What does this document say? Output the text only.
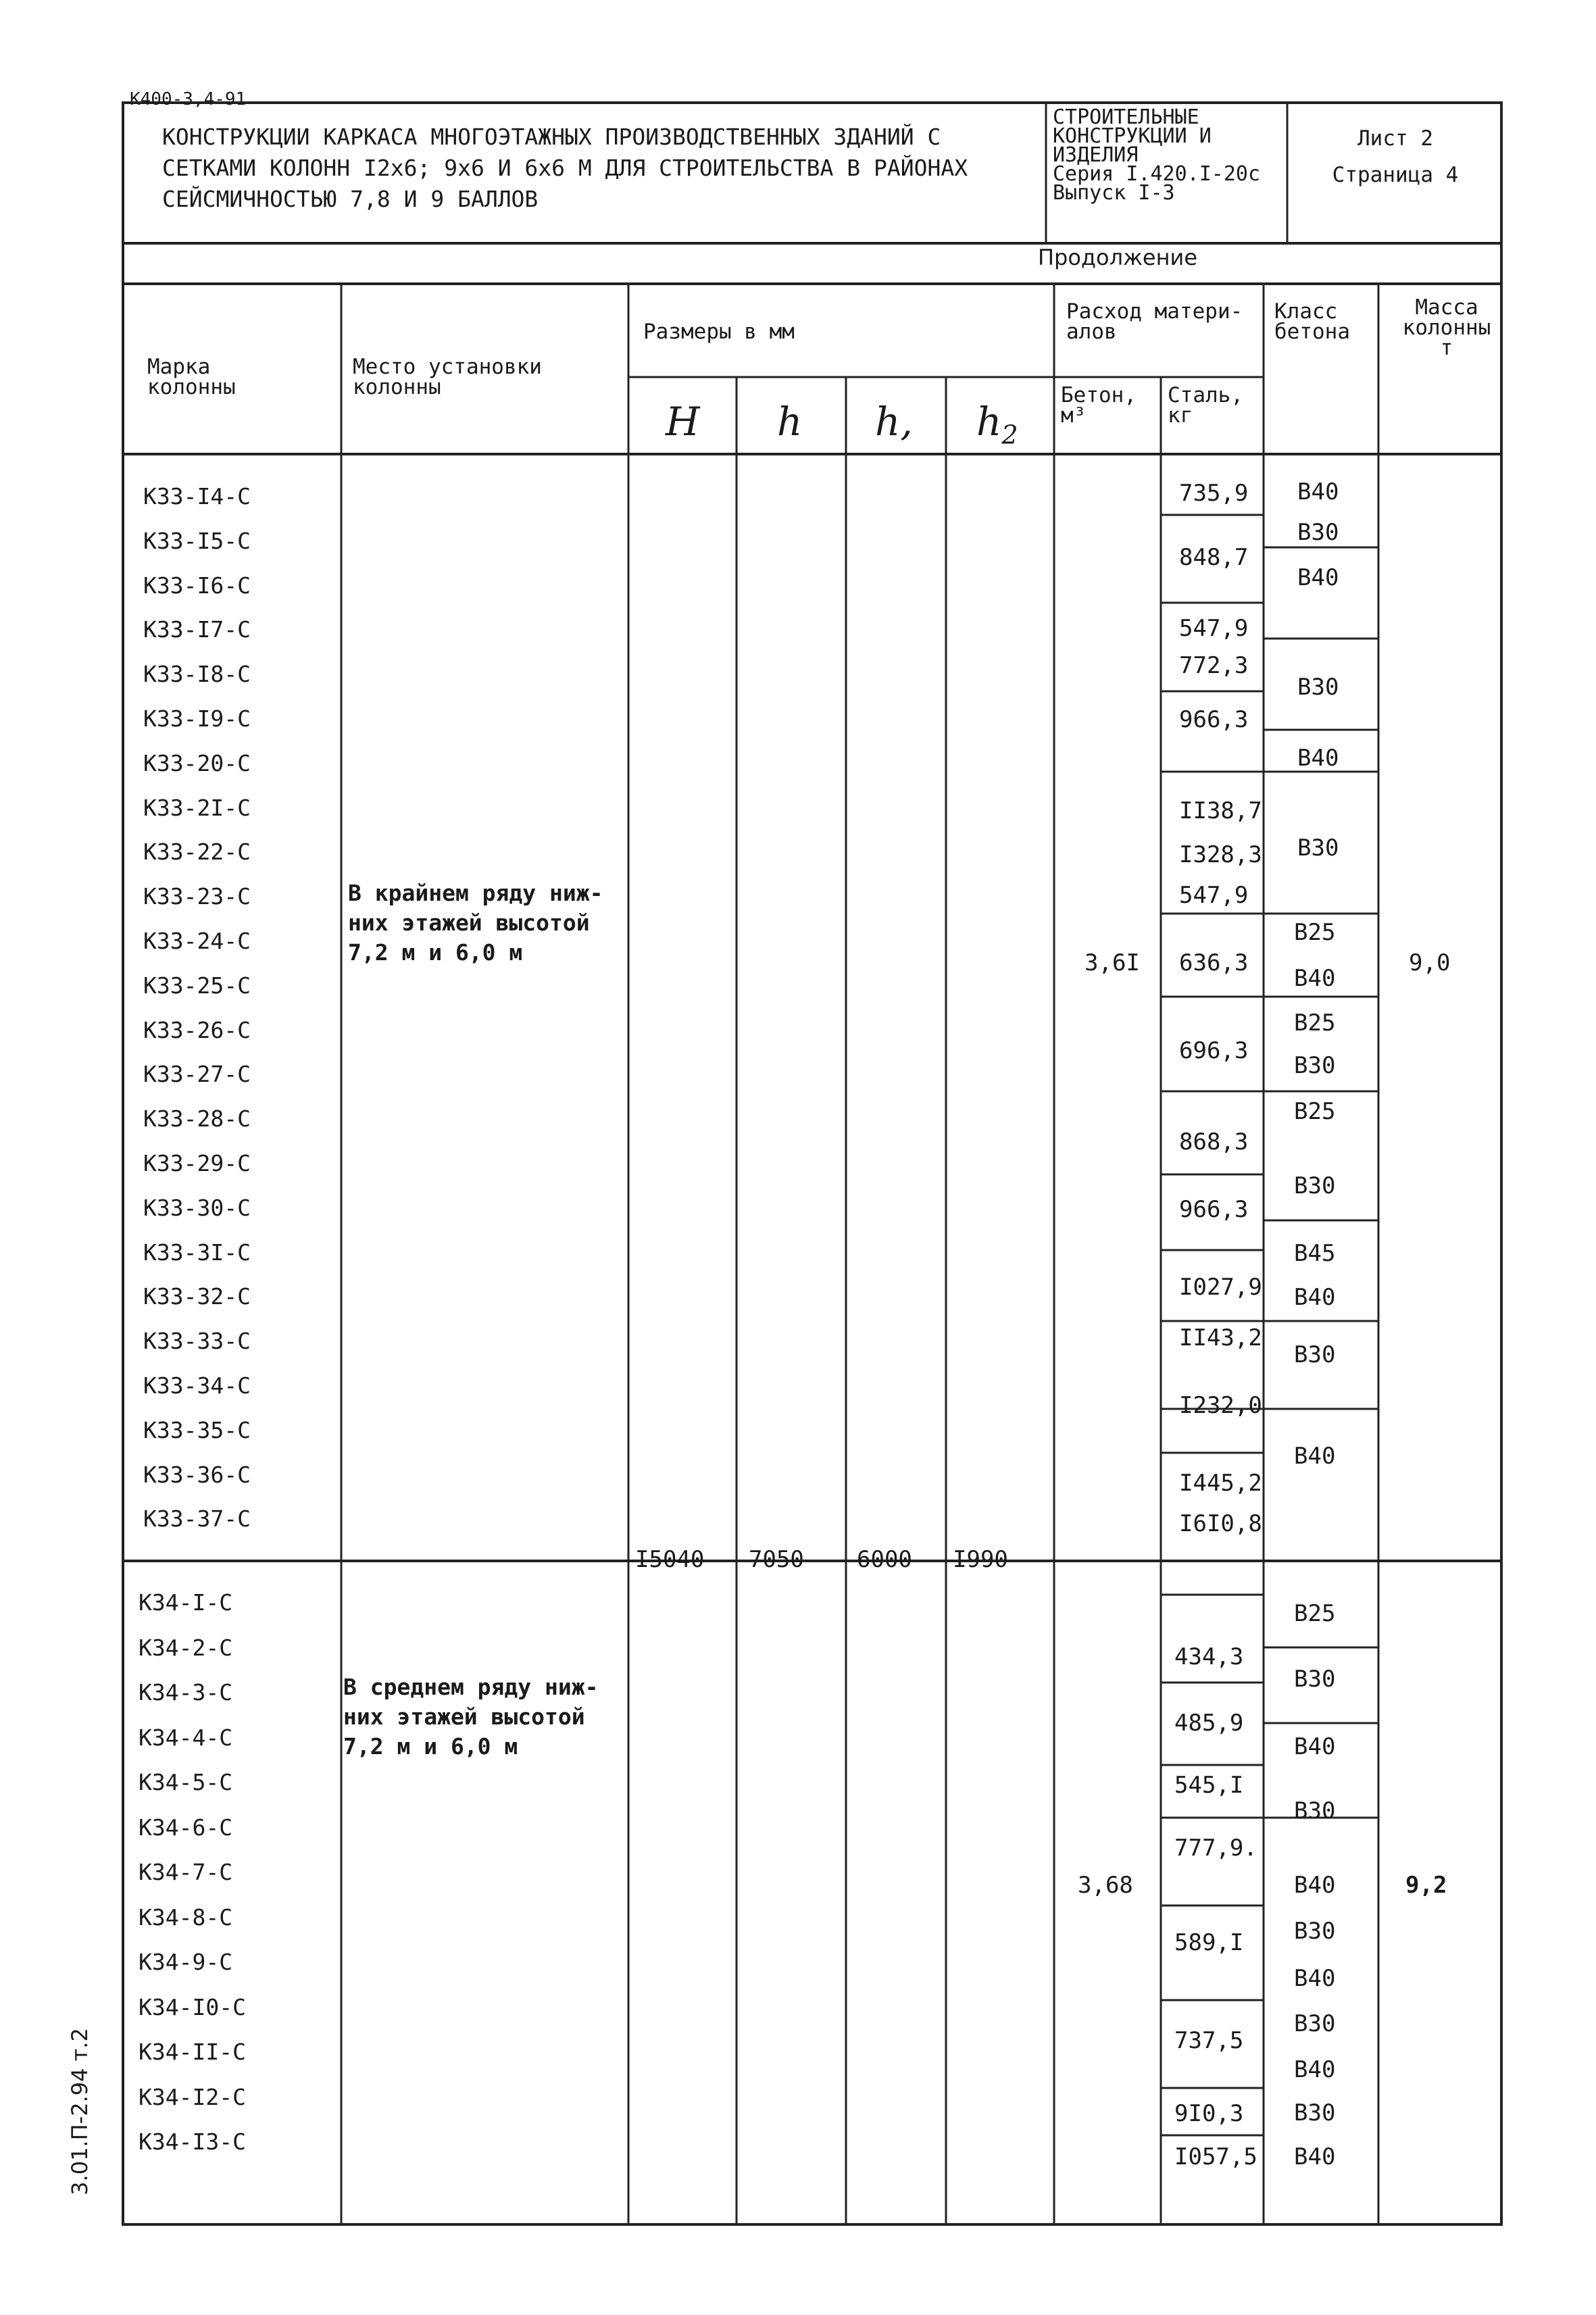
К400-3,4-91
3.01.П-2.94 т.2
КОНСТРУКЦИИ КАРКАСА МНОГОЭТАЖНЫХ ПРОИЗВОДСТВЕННЫХ ЗДАНИЙ С
СЕТКАМИ КОЛОНН I2х6; 9х6 И 6х6 М ДЛЯ СТРОИТЕЛЬСТВА В РАЙОНАХ
СЕЙСМИЧНОСТЬЮ 7,8 И 9 БАЛЛОВ
СТРОИТЕЛЬНЫЕ
КОНСТРУКЦИИ И
ИЗДЕЛИЯ
Серия I.420.I-20с
Выпуск I-3
Лист 2
Страница 4
Продолжение
Марка
колонны
Место установки
колонны
Размеры в мм
H h h, $h_2$
Расход матери-
алов
Бетон,
м³
Сталь,
кг
Класс
бетона
Масса
колонны
т
К33-I4-С
К33-I5-С
К33-I6-С
К33-I7-С
К33-I8-С
К33-I9-С
К33-20-С
К33-2I-С
К33-22-С
К33-23-С
К33-24-С
К33-25-С
К33-26-С
К33-27-С
К33-28-С
К33-29-С
К33-30-С
К33-3I-С
К33-32-С
К33-33-С
К33-34-С
К33-35-С
К33-36-С
К33-37-С
К34-I-С
К34-2-С
К34-3-С
К34-4-С
К34-5-С
К34-6-С
К34-7-С
К34-8-С
К34-9-С
К34-I0-С
К34-II-С
К34-I2-С
К34-I3-С
735,9
848,7
547,9
772,3
966,3
II38,7
I328,3
547,9
636,3
696,3
868,3
966,3
I027,9
II43,2
I232,0
I445,2
I6I0,8
В40
В30
В40
В30
В40
В30
В25
В40
В25
В30
В25
В30
В45
В40
В30
В40
434,3
485,9
545,I
777,9.
589,I
737,5
9I0,3
I057,5
В25
В30
В40
В30
В40
В30
В40
В30
В40
В30
В40
I5040 7050 6000 I990
3,6I	9,0
3,68	9,2
В крайнем ряду ниж-
них этажей высотой
7,2 м и 6,0 м
В среднем ряду ниж-
них этажей высотой
7,2 м и 6,0 м
